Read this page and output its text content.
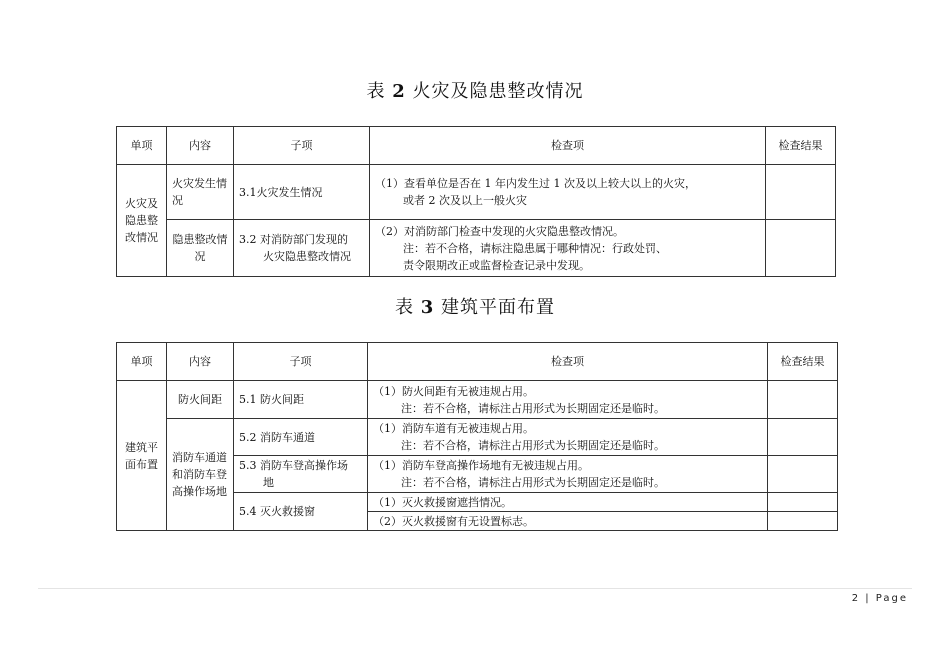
表 2 火灾及隐患整改情况
单项	内容	子项	检查项	检查结果
火灾及隐患整改情况	火灾发生情况	3.1火灾发生情况	（1）查看单位是否在 1 年内发生过 1 次及以上较大以上的火灾，
或者 2 次及以上一般火灾	

	隐患整改情况	3.2 对消防部门发现的
火灾隐患整改情况	（2）对消防部门检查中发现的火灾隐患整改情况。
注：若不合格，请标注隐患属于哪种情况：行政处罚、
责令限期改正或监督检查记录中发现。	

表 3 建筑平面布置
单项	内容	子项	检查项	检查结果
建筑平面布置	防火间距	5.1 防火间距	（1）防火间距有无被违规占用。
注：若不合格，请标注占用形式为长期固定还是临时。	

	消防车通道和消防车登高操作场地	5.2 消防车通道	（1）消防车道有无被违规占用。
注：若不合格，请标注占用形式为长期固定还是临时。	

		5.3 消防车登高操作场
地	（1）消防车登高操作场地有无被违规占用。
注：若不合格，请标注占用形式为长期固定还是临时。	

		5.4 灭火救援窗	（1）灭火救援窗遮挡情况。	
			（2）灭火救援窗有无设置标志。	
2 | Page
